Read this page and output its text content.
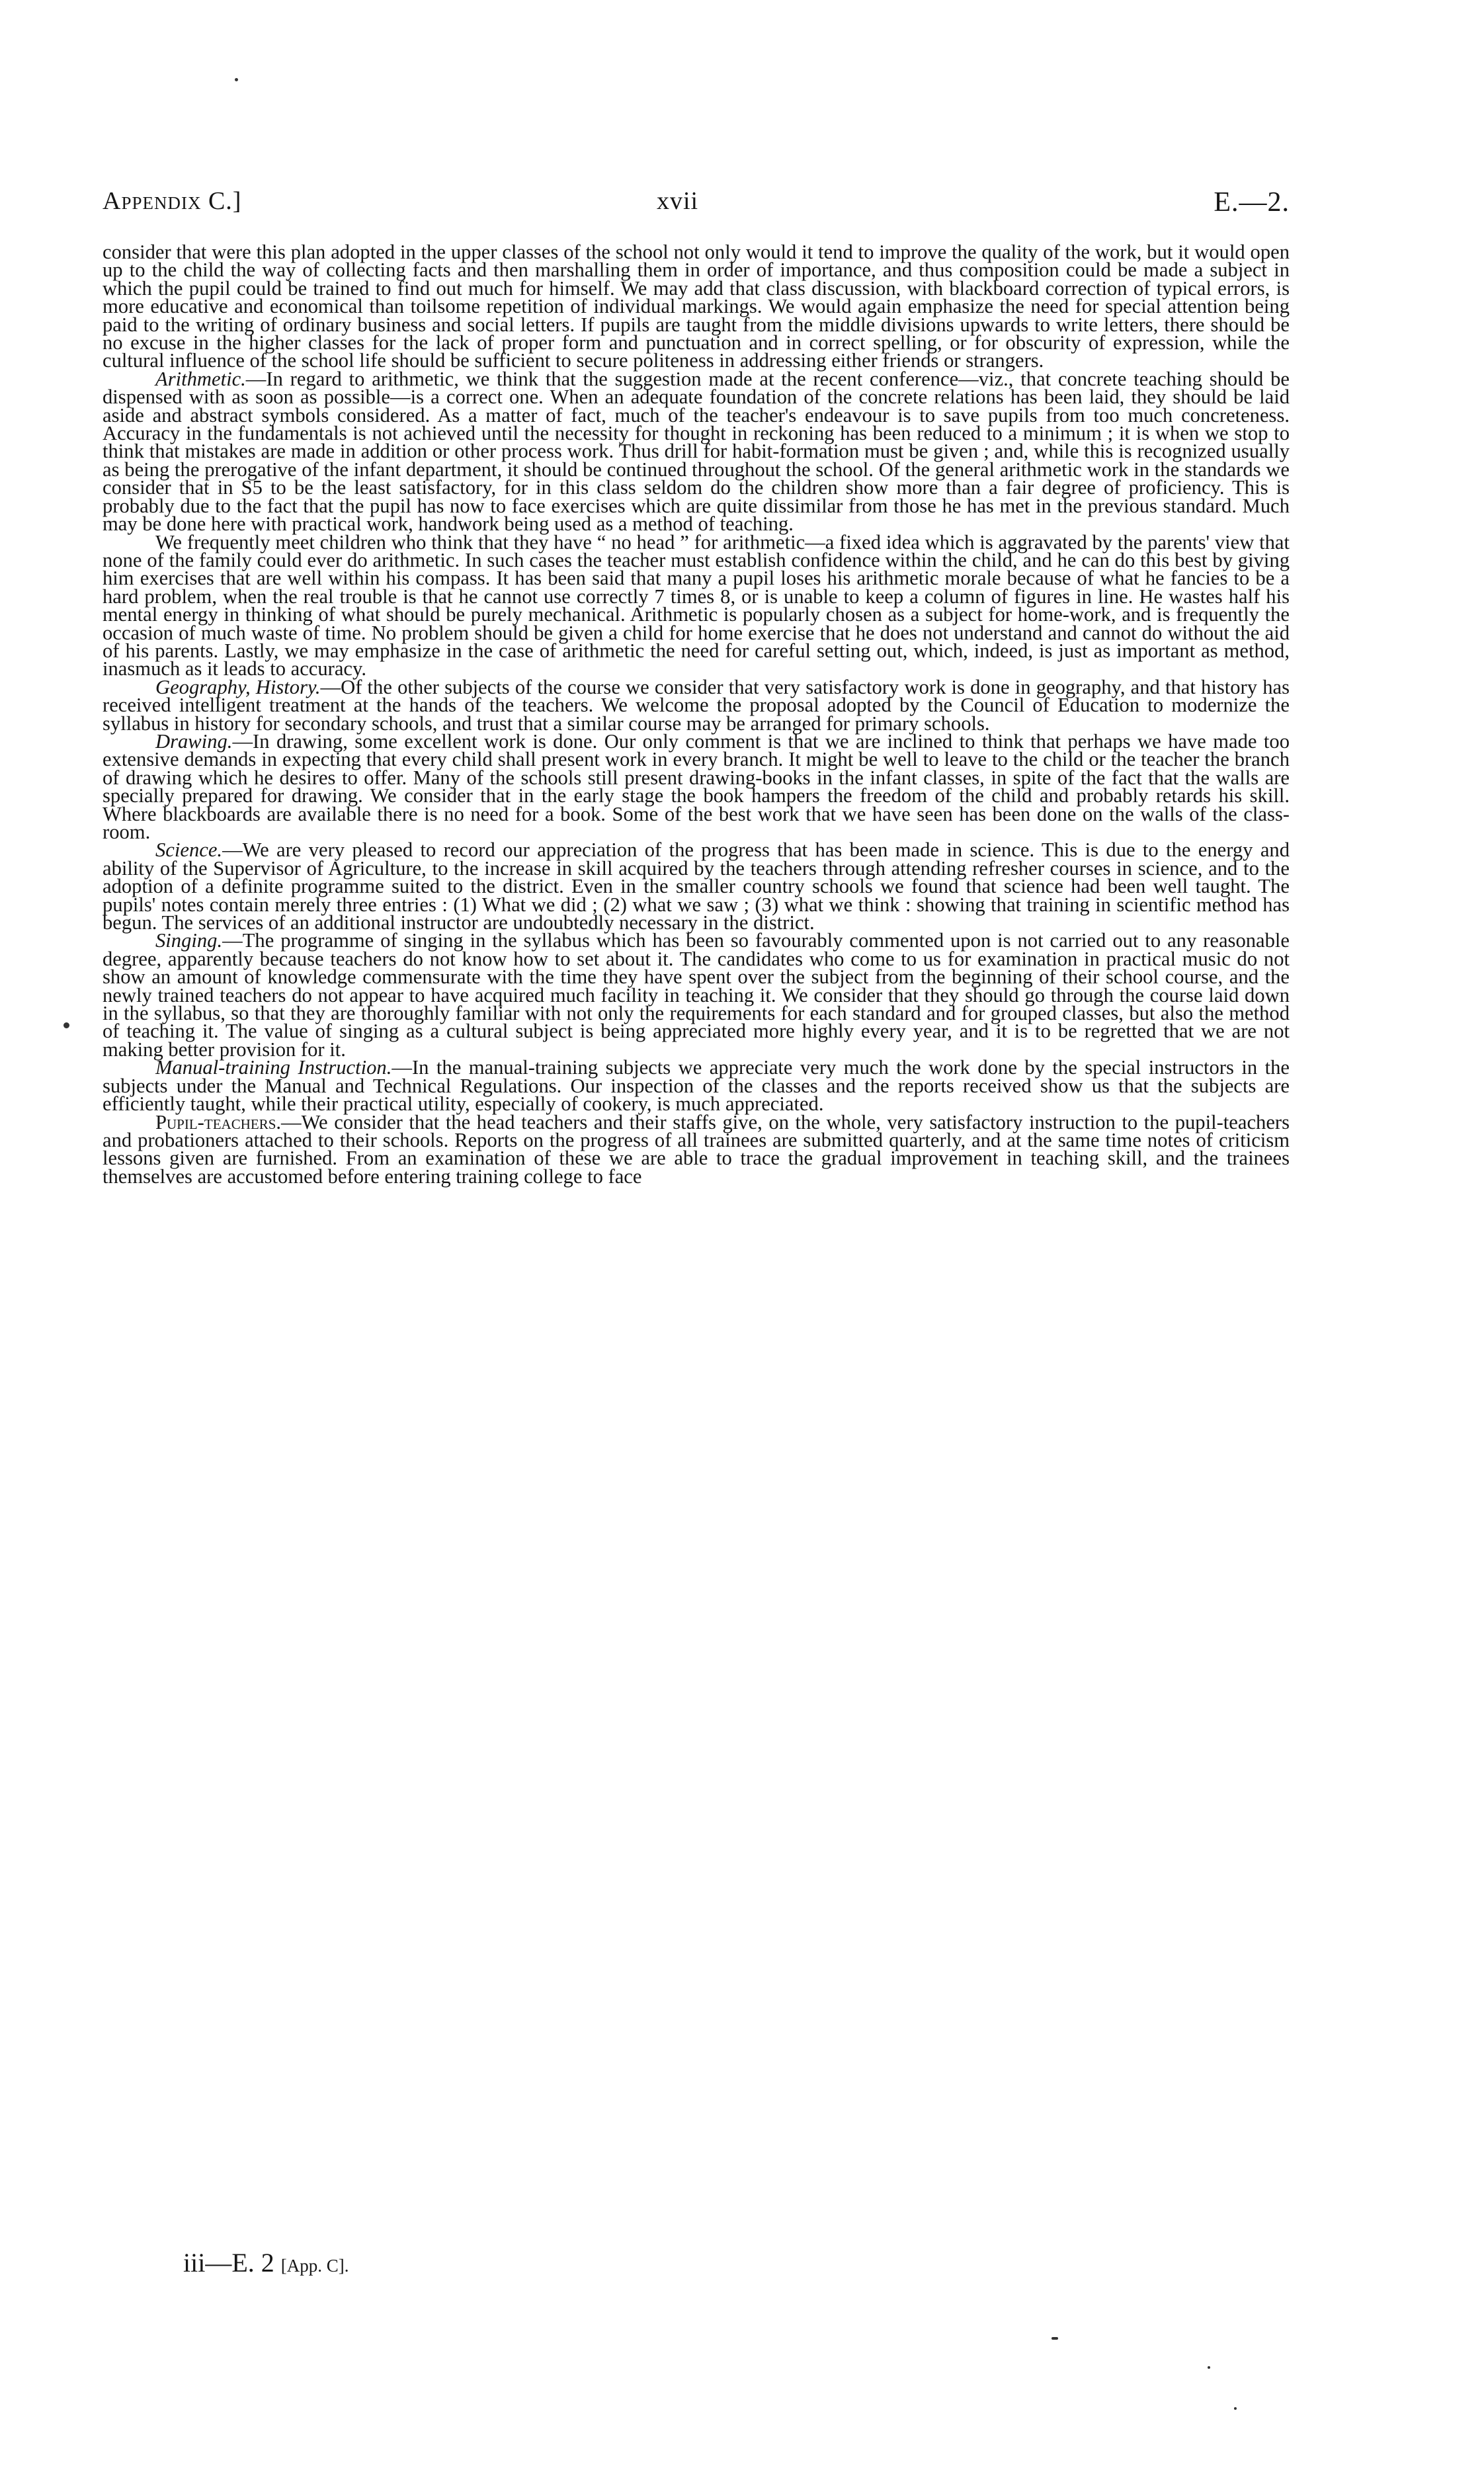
Appendix C.]	xvii	E.—2.

consider that were this plan adopted in the upper classes of the school not only would it tend to improve the quality of the work, but it would open up to the child the way of collecting facts and then marshalling them in order of importance, and thus composition could be made a subject in which the pupil could be trained to find out much for himself. We may add that class discussion, with blackboard correction of typical errors, is more educative and economical than toilsome repetition of individual markings. We would again emphasize the need for special attention being paid to the writing of ordinary business and social letters. If pupils are taught from the middle divisions upwards to write letters, there should be no excuse in the higher classes for the lack of proper form and punctuation and in correct spelling, or for obscurity of expression, while the cultural influence of the school life should be sufficient to secure politeness in addressing either friends or strangers.

Arithmetic.—In regard to arithmetic, we think that the suggestion made at the recent conference—viz., that concrete teaching should be dispensed with as soon as possible—is a correct one. When an adequate foundation of the concrete relations has been laid, they should be laid aside and abstract symbols considered. As a matter of fact, much of the teacher's endeavour is to save pupils from too much concreteness. Accuracy in the fundamentals is not achieved until the necessity for thought in reckoning has been reduced to a minimum ; it is when we stop to think that mistakes are made in addition or other process work. Thus drill for habit-formation must be given ; and, while this is recognized usually as being the prerogative of the infant department, it should be continued throughout the school. Of the general arithmetic work in the standards we consider that in S5 to be the least satisfactory, for in this class seldom do the children show more than a fair degree of proficiency. This is probably due to the fact that the pupil has now to face exercises which are quite dissimilar from those he has met in the previous standard. Much may be done here with practical work, handwork being used as a method of teaching.

We frequently meet children who think that they have “ no head ” for arithmetic—a fixed idea which is aggravated by the parents' view that none of the family could ever do arithmetic. In such cases the teacher must establish confidence within the child, and he can do this best by giving him exercises that are well within his compass. It has been said that many a pupil loses his arithmetic morale because of what he fancies to be a hard problem, when the real trouble is that he cannot use correctly 7 times 8, or is unable to keep a column of figures in line. He wastes half his mental energy in thinking of what should be purely mechanical. Arithmetic is popularly chosen as a subject for home-work, and is frequently the occasion of much waste of time. No problem should be given a child for home exercise that he does not understand and cannot do without the aid of his parents. Lastly, we may emphasize in the case of arithmetic the need for careful setting out, which, indeed, is just as important as method, inasmuch as it leads to accuracy.

Geography, History.—Of the other subjects of the course we consider that very satisfactory work is done in geography, and that history has received intelligent treatment at the hands of the teachers. We welcome the proposal adopted by the Council of Education to modernize the syllabus in history for secondary schools, and trust that a similar course may be arranged for primary schools.

Drawing.—In drawing, some excellent work is done. Our only comment is that we are inclined to think that perhaps we have made too extensive demands in expecting that every child shall present work in every branch. It might be well to leave to the child or the teacher the branch of drawing which he desires to offer. Many of the schools still present drawing-books in the infant classes, in spite of the fact that the walls are specially prepared for drawing. We consider that in the early stage the book hampers the freedom of the child and probably retards his skill. Where blackboards are available there is no need for a book. Some of the best work that we have seen has been done on the walls of the class-room.

Science.—We are very pleased to record our appreciation of the progress that has been made in science. This is due to the energy and ability of the Supervisor of Agriculture, to the increase in skill acquired by the teachers through attending refresher courses in science, and to the adoption of a definite programme suited to the district. Even in the smaller country schools we found that science had been well taught. The pupils' notes contain merely three entries : (1) What we did ; (2) what we saw ; (3) what we think : showing that training in scientific method has begun. The services of an additional instructor are undoubtedly necessary in the district.

Singing.—The programme of singing in the syllabus which has been so favourably commented upon is not carried out to any reasonable degree, apparently because teachers do not know how to set about it. The candidates who come to us for examination in practical music do not show an amount of knowledge commensurate with the time they have spent over the subject from the beginning of their school course, and the newly trained teachers do not appear to have acquired much facility in teaching it. We consider that they should go through the course laid down in the syllabus, so that they are thoroughly familiar with not only the requirements for each standard and for grouped classes, but also the method of teaching it. The value of singing as a cultural subject is being appreciated more highly every year, and it is to be regretted that we are not making better provision for it.

Manual-training Instruction.—In the manual-training subjects we appreciate very much the work done by the special instructors in the subjects under the Manual and Technical Regulations. Our inspection of the classes and the reports received show us that the subjects are efficiently taught, while their practical utility, especially of cookery, is much appreciated.

Pupil-teachers.—We consider that the head teachers and their staffs give, on the whole, very satisfactory instruction to the pupil-teachers and probationers attached to their schools. Reports on the progress of all trainees are submitted quarterly, and at the same time notes of criticism lessons given are furnished. From an examination of these we are able to trace the gradual improvement in teaching skill, and the trainees themselves are accustomed before entering training college to face

iii—E. 2 [App. C].
